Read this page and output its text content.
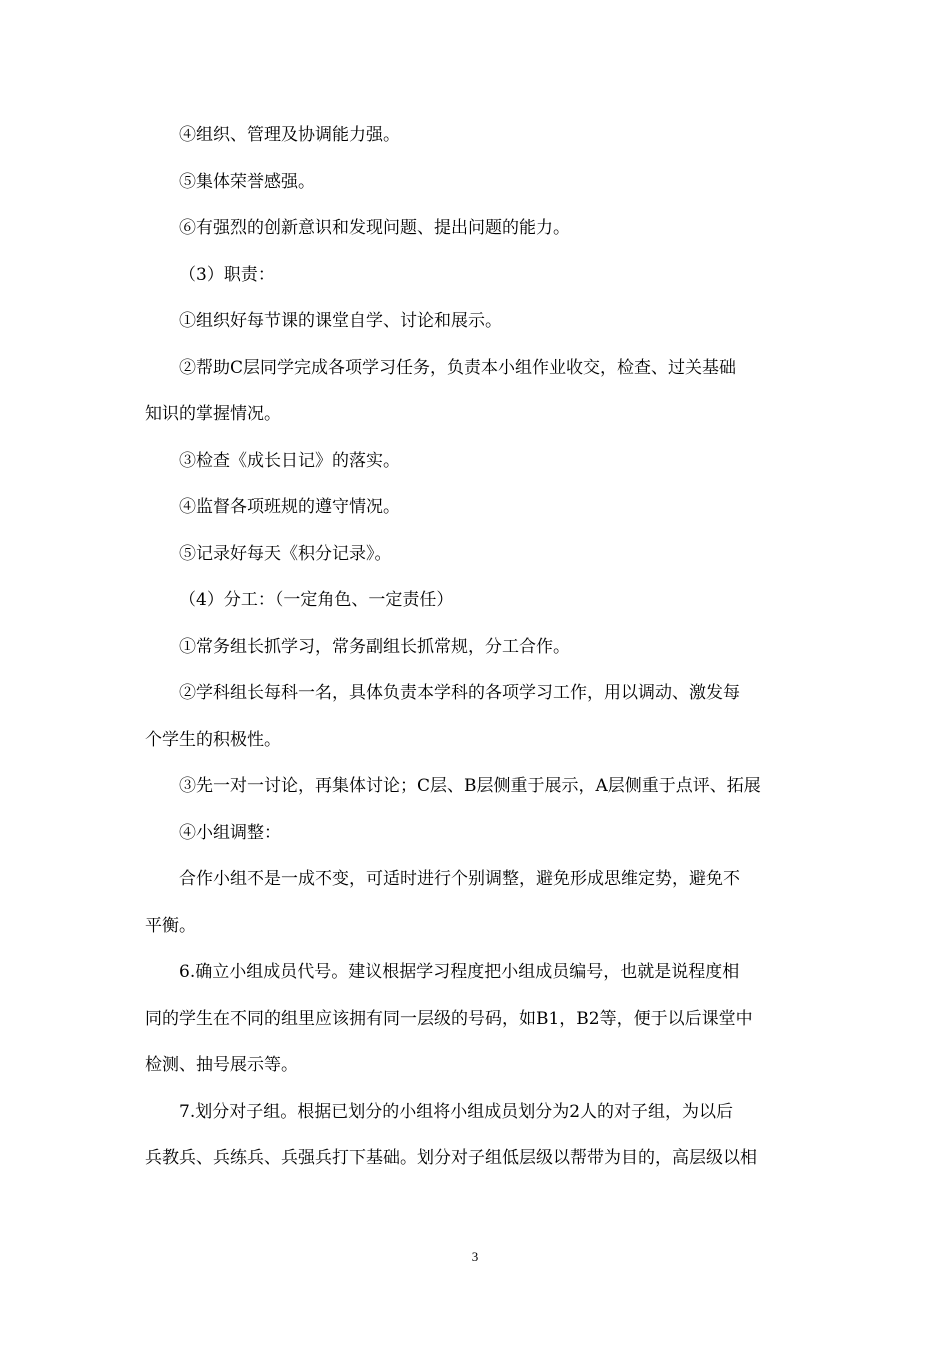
④组织、管理及协调能力强。
⑤集体荣誉感强。
⑥有强烈的创新意识和发现问题、提出问题的能力。
（3）职责：
①组织好每节课的课堂自学、讨论和展示。
②帮助C层同学完成各项学习任务，负责本小组作业收交，检查、过关基础
知识的掌握情况。
③检查《成长日记》的落实。
④监督各项班规的遵守情况。
⑤记录好每天《积分记录》。
（4）分工：（一定角色、一定责任）
①常务组长抓学习，常务副组长抓常规，分工合作。
②学科组长每科一名，具体负责本学科的各项学习工作，用以调动、激发每
个学生的积极性。
③先一对一讨论，再集体讨论；C层、B层侧重于展示，A层侧重于点评、拓展
④小组调整：
合作小组不是一成不变，可适时进行个别调整，避免形成思维定势，避免不
平衡。
6.确立小组成员代号。建议根据学习程度把小组成员编号，也就是说程度相
同的学生在不同的组里应该拥有同一层级的号码，如B1，B2等，便于以后课堂中
检测、抽号展示等。
7.划分对子组。根据已划分的小组将小组成员划分为2人的对子组，为以后
兵教兵、兵练兵、兵强兵打下基础。划分对子组低层级以帮带为目的，高层级以相
3
